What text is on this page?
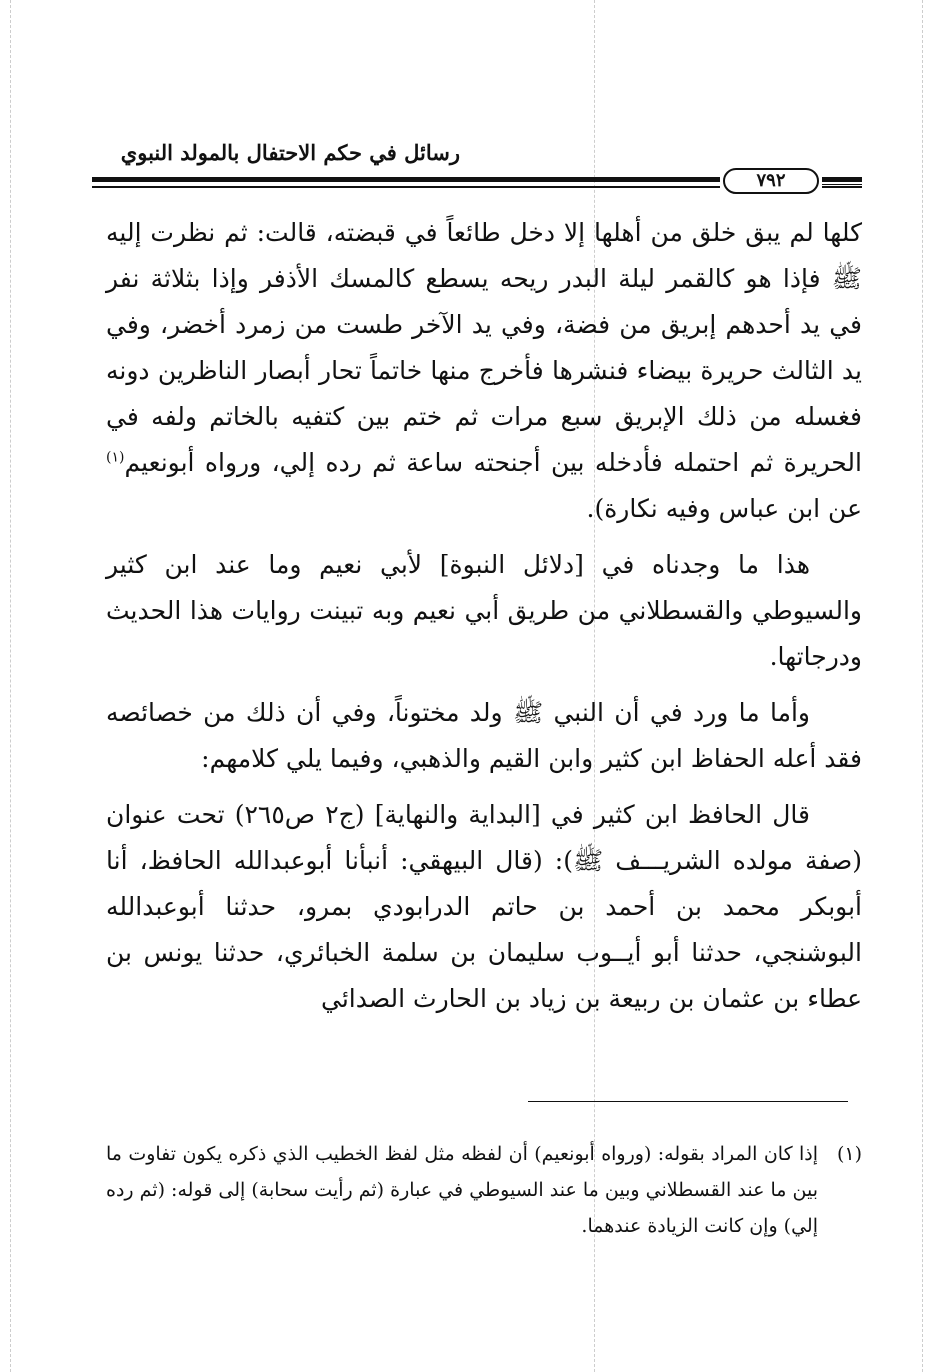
رسائل في حكم الاحتفال بالمولد النبوي
٧٩٢

كلها لم يبق خلق من أهلها إلا دخل طائعاً في قبضته، قالت: ثم نظرت إليه ﷺ فإذا هو كالقمر ليلة البدر ريحه يسطع كالمسك الأذفر وإذا بثلاثة نفر في يد أحدهم إبريق من فضة، وفي يد الآخر طست من زمرد أخضر، وفي يد الثالث حريرة بيضاء فنشرها فأخرج منها خاتماً تحار أبصار الناظرين دونه فغسله من ذلك الإبريق سبع مرات ثم ختم بين كتفيه بالخاتم ولفه في الحريرة ثم احتمله فأدخله بين أجنحته ساعة ثم رده إلي، ورواه أبونعيم$^{(١)}$ عن ابن عباس وفيه نكارة).

هذا ما وجدناه في [دلائل النبوة] لأبي نعيم وما عند ابن كثير والسيوطي والقسطلاني من طريق أبي نعيم وبه تبينت روايات هذا الحديث ودرجاتها.

وأما ما ورد في أن النبي ﷺ ولد مختوناً، وفي أن ذلك من خصائصه فقد أعله الحفاظ ابن كثير وابن القيم والذهبي، وفيما يلي كلامهم:

قال الحافظ ابن كثير في [البداية والنهاية] (ج٢ ص٢٦٥) تحت عنوان (صفة مولده الشريـــف ﷺ): (قال البيهقي: أنبأنا أبوعبدالله الحافظ، أنا أبوبكر محمد بن أحمد بن حاتم الدرابودي بمرو، حدثنا أبوعبدالله البوشنجي، حدثنا أبو أيــوب سليمان بن سلمة الخبائري، حدثنا يونس بن عطاء بن عثمان بن ربيعة بن زياد بن الحارث الصدائي

(١)
إذا كان المراد بقوله: (ورواه أبونعيم) أن لفظه مثل لفظ الخطيب الذي ذكره يكون تفاوت ما بين ما عند القسطلاني وبين ما عند السيوطي في عبارة (ثم رأيت سحابة) إلى قوله: (ثم رده إلي) وإن كانت الزيادة عندهما.
